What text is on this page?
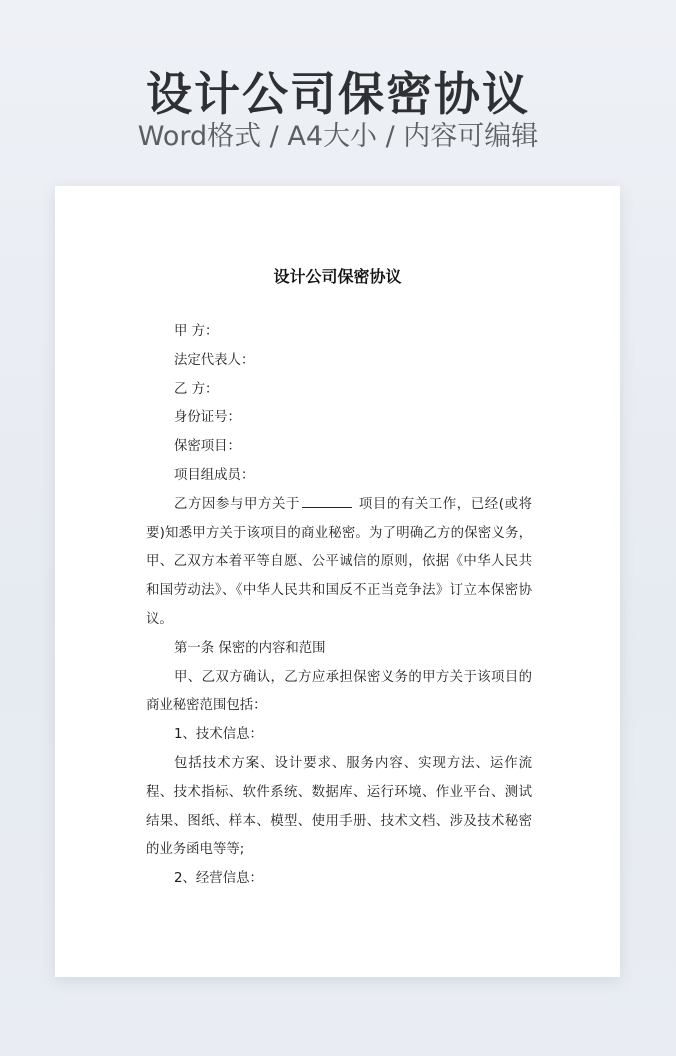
设计公司保密协议
Word格式 / A4大小 / 内容可编辑
设计公司保密协议

甲 方：

法定代表人：

乙 方：

身份证号：

保密项目：

项目组成员：

乙方因参与甲方关于	项目的有关工作，已经(或将要)知悉甲方关于该项目的商业秘密。为了明确乙方的保密义务，甲、乙双方本着平等自愿、公平诚信的原则，依据《中华人民共和国劳动法》、《中华人民共和国反不正当竞争法》订立本保密协议。

第一条 保密的内容和范围

甲、乙双方确认，乙方应承担保密义务的甲方关于该项目的商业秘密范围包括：

1、技术信息：

包括技术方案、设计要求、服务内容、实现方法、运作流程、技术指标、软件系统、数据库、运行环境、作业平台、测试结果、图纸、样本、模型、使用手册、技术文档、涉及技术秘密的业务函电等等;

2、经营信息：
